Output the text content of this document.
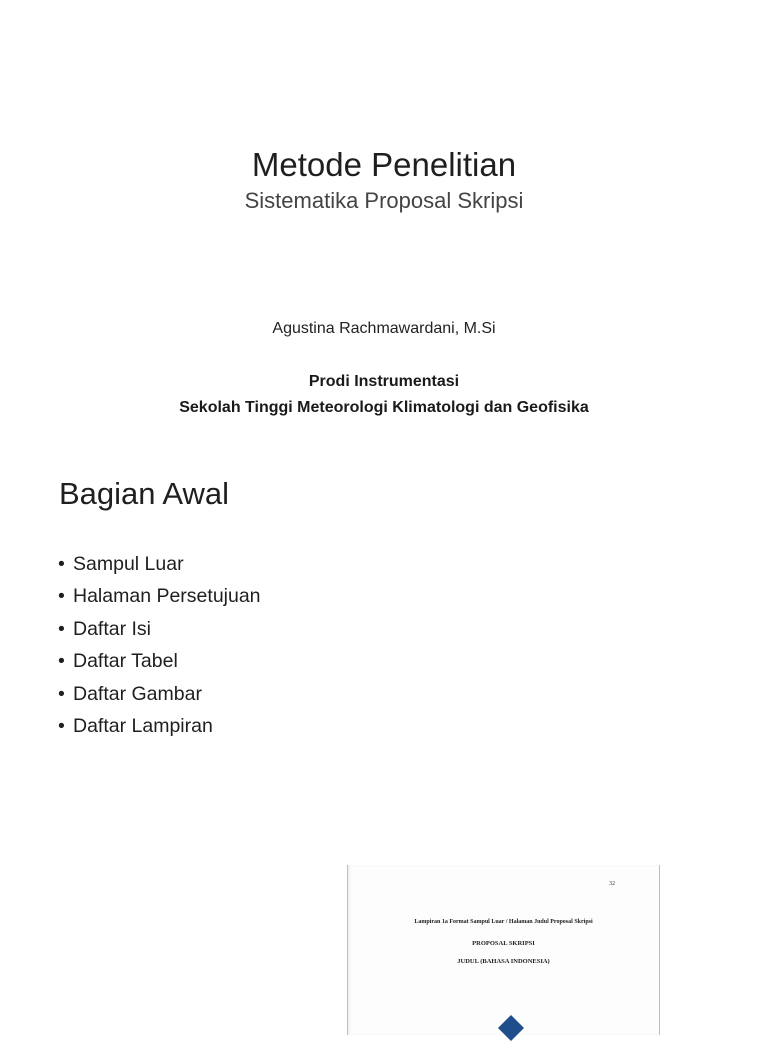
Metode Penelitian

Sistematika Proposal Skripsi

Agustina Rachmawardani, M.Si

Prodi Instrumentasi

Sekolah Tinggi Meteorologi Klimatologi dan Geofisika

Bagian Awal
• Sampul Luar
• Halaman Persetujuan
• Daftar Isi
• Daftar Tabel
• Daftar Gambar
• Daftar Lampiran
32
Lampiran 1a Format Sampul Luar / Halaman Judul Proposal Skripsi
PROPOSAL SKRIPSI
JUDUL (BAHASA INDONESIA)
